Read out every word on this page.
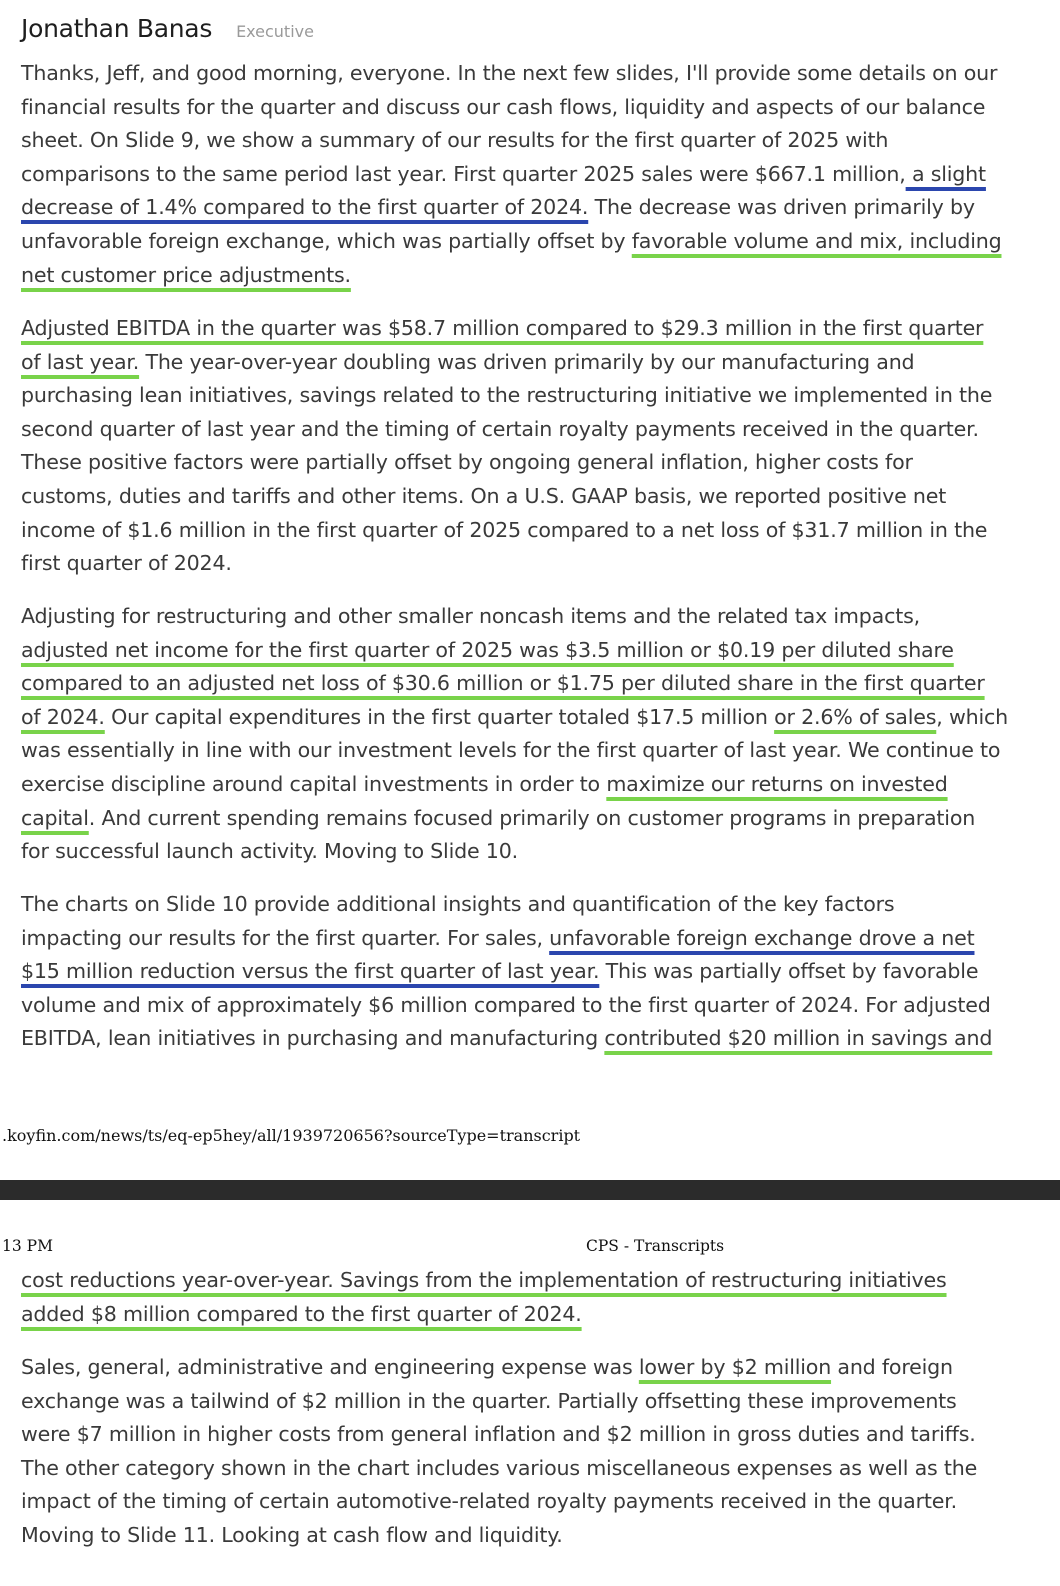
Jonathan Banas Executive

Thanks, Jeff, and good morning, everyone. In the next few slides, I'll provide some details on our
financial results for the quarter and discuss our cash flows, liquidity and aspects of our balance
sheet. On Slide 9, we show a summary of our results for the first quarter of 2025 with
comparisons to the same period last year. First quarter 2025 sales were $667.1 million, a slight
decrease of 1.4% compared to the first quarter of 2024. The decrease was driven primarily by
unfavorable foreign exchange, which was partially offset by favorable volume and mix, including
net customer price adjustments.

Adjusted EBITDA in the quarter was $58.7 million compared to $29.3 million in the first quarter
of last year. The year-over-year doubling was driven primarily by our manufacturing and
purchasing lean initiatives, savings related to the restructuring initiative we implemented in the
second quarter of last year and the timing of certain royalty payments received in the quarter.
These positive factors were partially offset by ongoing general inflation, higher costs for
customs, duties and tariffs and other items. On a U.S. GAAP basis, we reported positive net
income of $1.6 million in the first quarter of 2025 compared to a net loss of $31.7 million in the
first quarter of 2024.

Adjusting for restructuring and other smaller noncash items and the related tax impacts,
adjusted net income for the first quarter of 2025 was $3.5 million or $0.19 per diluted share
compared to an adjusted net loss of $30.6 million or $1.75 per diluted share in the first quarter
of 2024. Our capital expenditures in the first quarter totaled $17.5 million or 2.6% of sales, which
was essentially in line with our investment levels for the first quarter of last year. We continue to
exercise discipline around capital investments in order to maximize our returns on invested
capital. And current spending remains focused primarily on customer programs in preparation
for successful launch activity. Moving to Slide 10.

The charts on Slide 10 provide additional insights and quantification of the key factors
impacting our results for the first quarter. For sales, unfavorable foreign exchange drove a net
$15 million reduction versus the first quarter of last year. This was partially offset by favorable
volume and mix of approximately $6 million compared to the first quarter of 2024. For adjusted
EBITDA, lean initiatives in purchasing and manufacturing contributed $20 million in savings and

.koyfin.com/news/ts/eq-ep5hey/all/1939720656?sourceType=transcript
13 PM	CPS - Transcripts

cost reductions year-over-year. Savings from the implementation of restructuring initiatives
added $8 million compared to the first quarter of 2024.

Sales, general, administrative and engineering expense was lower by $2 million and foreign
exchange was a tailwind of $2 million in the quarter. Partially offsetting these improvements
were $7 million in higher costs from general inflation and $2 million in gross duties and tariffs.
The other category shown in the chart includes various miscellaneous expenses as well as the
impact of the timing of certain automotive-related royalty payments received in the quarter.
Moving to Slide 11. Looking at cash flow and liquidity.
